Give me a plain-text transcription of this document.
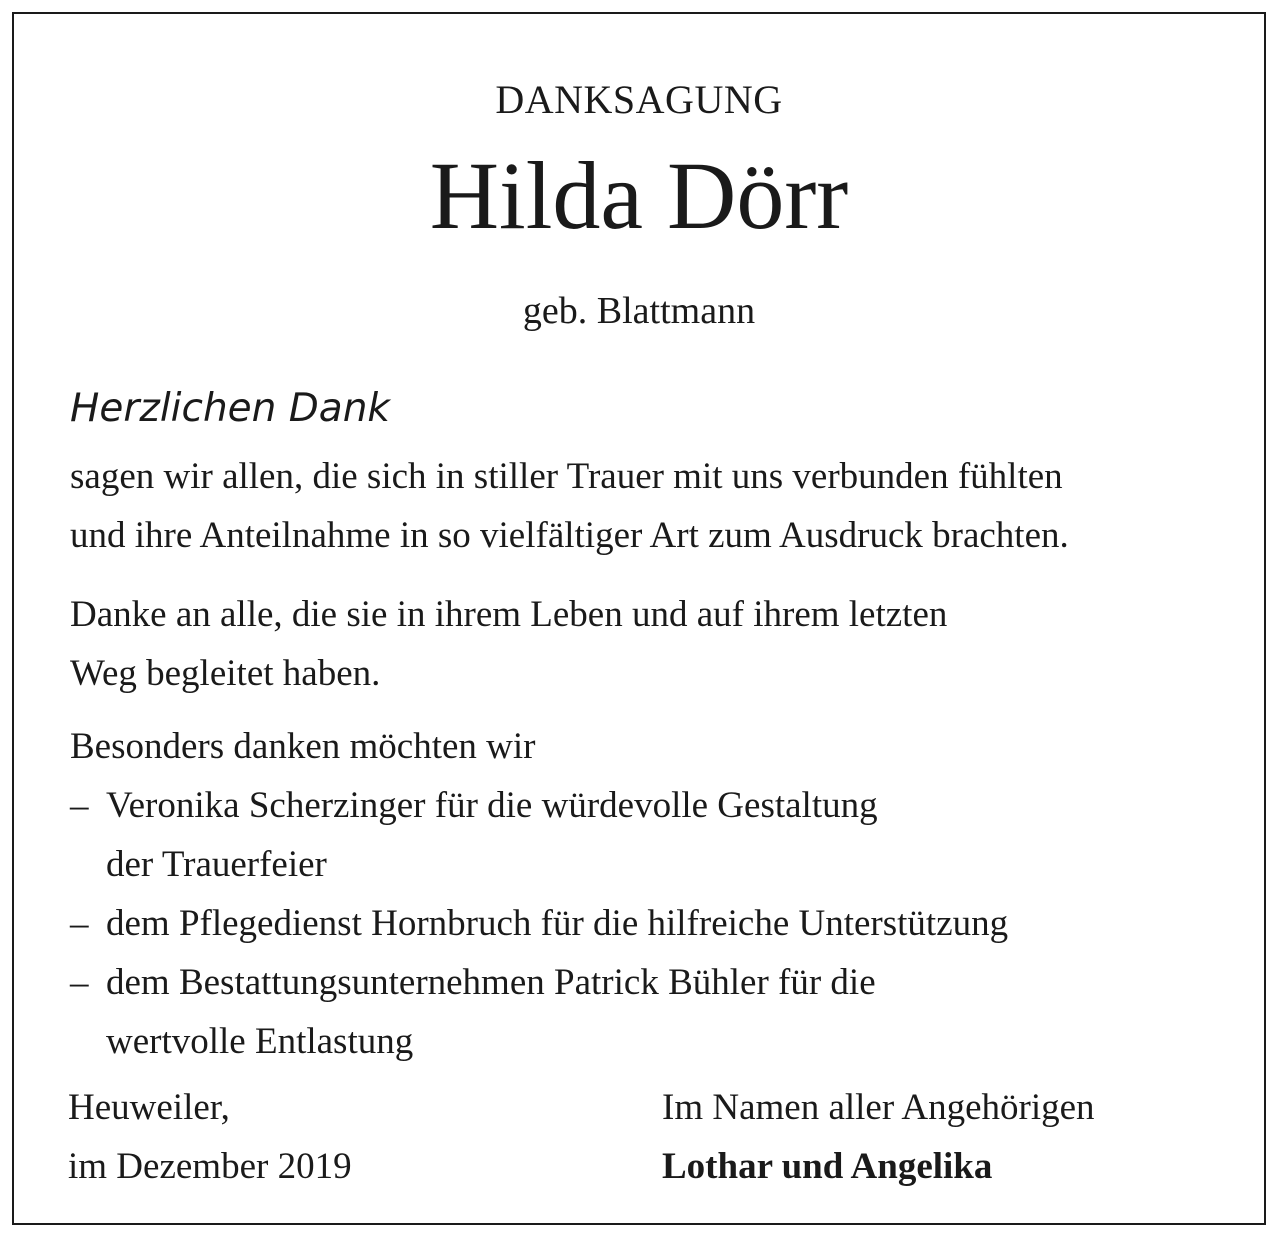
DANKSAGUNG
Hilda Dörr
geb. Blattmann
Herzlichen Dank
sagen wir allen, die sich in stiller Trauer mit uns verbunden fühlten
und ihre Anteilnahme in so vielfältiger Art zum Ausdruck brachten.
Danke an alle, die sie in ihrem Leben und auf ihrem letzten
Weg begleitet haben.
Besonders danken möchten wir
– Veronika Scherzinger für die würdevolle Gestaltung
der Trauerfeier
– dem Pflegedienst Hornbruch für die hilfreiche Unterstützung
– dem Bestattungsunternehmen Patrick Bühler für die
wertvolle Entlastung
Heuweiler,
im Dezember 2019
Im Namen aller Angehörigen
Lothar und Angelika
